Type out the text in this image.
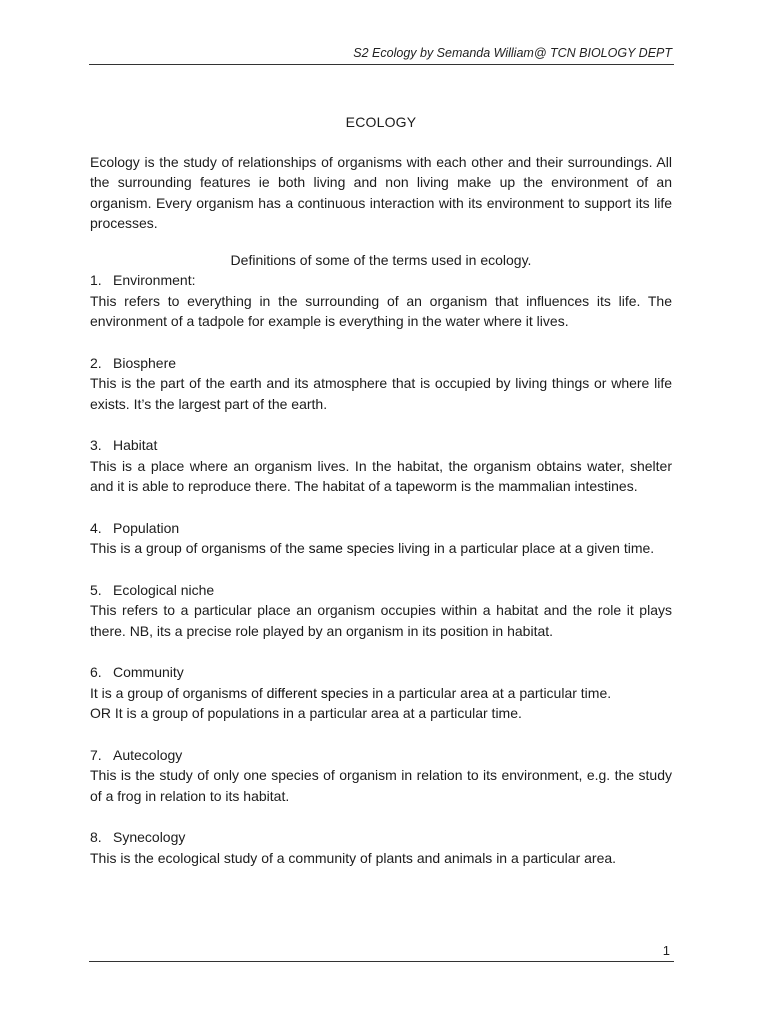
S2 Ecology by Semanda William@ TCN BIOLOGY DEPT
ECOLOGY

Ecology is the study of relationships of organisms with each other and their surroundings. All the surrounding features ie both living and non living make up the environment of an organism. Every organism has a continuous interaction with its environment to support its life processes.

Definitions of some of the terms used in ecology.

1. Environment:

This refers to everything in the surrounding of an organism that influences its life. The environment of a tadpole for example is everything in the water where it lives.

2. Biosphere

This is the part of the earth and its atmosphere that is occupied by living things or where life exists. It’s the largest part of the earth.

3. Habitat

This is a place where an organism lives. In the habitat, the organism obtains water, shelter and it is able to reproduce there. The habitat of a tapeworm is the mammalian intestines.

4. Population

This is a group of organisms of the same species living in a particular place at a given time.

5. Ecological niche

This refers to a particular place an organism occupies within a habitat and the role it plays there. NB, its a precise role played by an organism in its position in habitat.

6. Community

It is a group of organisms of different species in a particular area at a particular time.

OR It is a group of populations in a particular area at a particular time.

7. Autecology

This is the study of only one species of organism in relation to its environment, e.g. the study of a frog in relation to its habitat.

8. Synecology

This is the ecological study of a community of plants and animals in a particular area.

1
